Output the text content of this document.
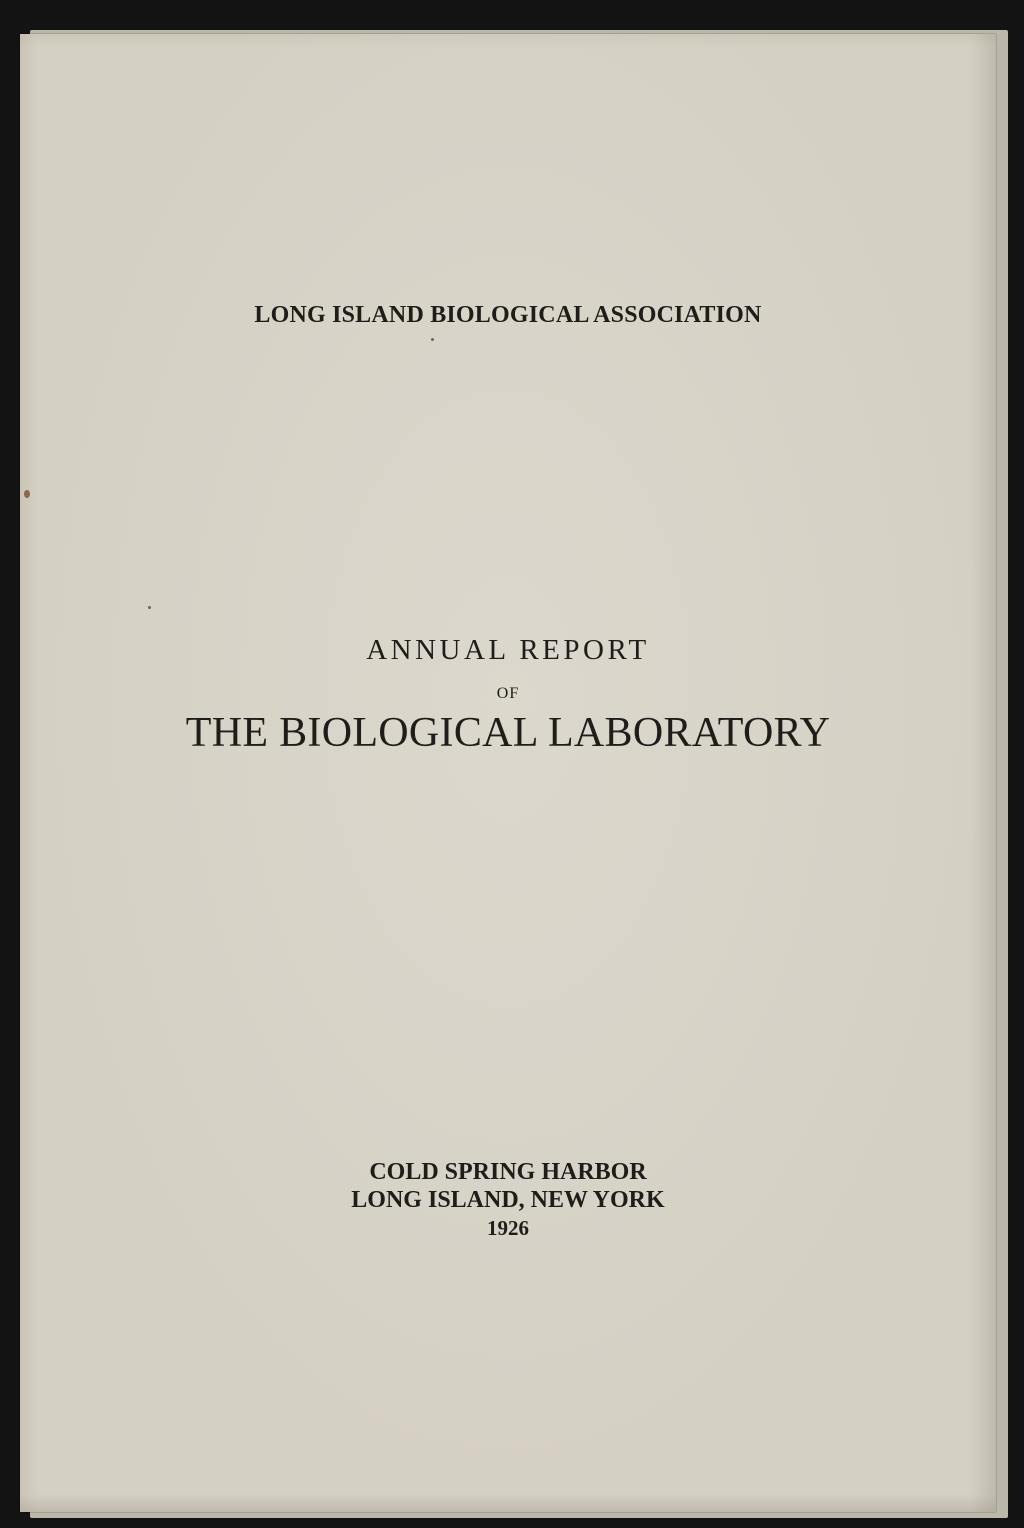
LONG ISLAND BIOLOGICAL ASSOCIATION
ANNUAL REPORT
OF
THE BIOLOGICAL LABORATORY
COLD SPRING HARBOR
LONG ISLAND, NEW YORK
1926
